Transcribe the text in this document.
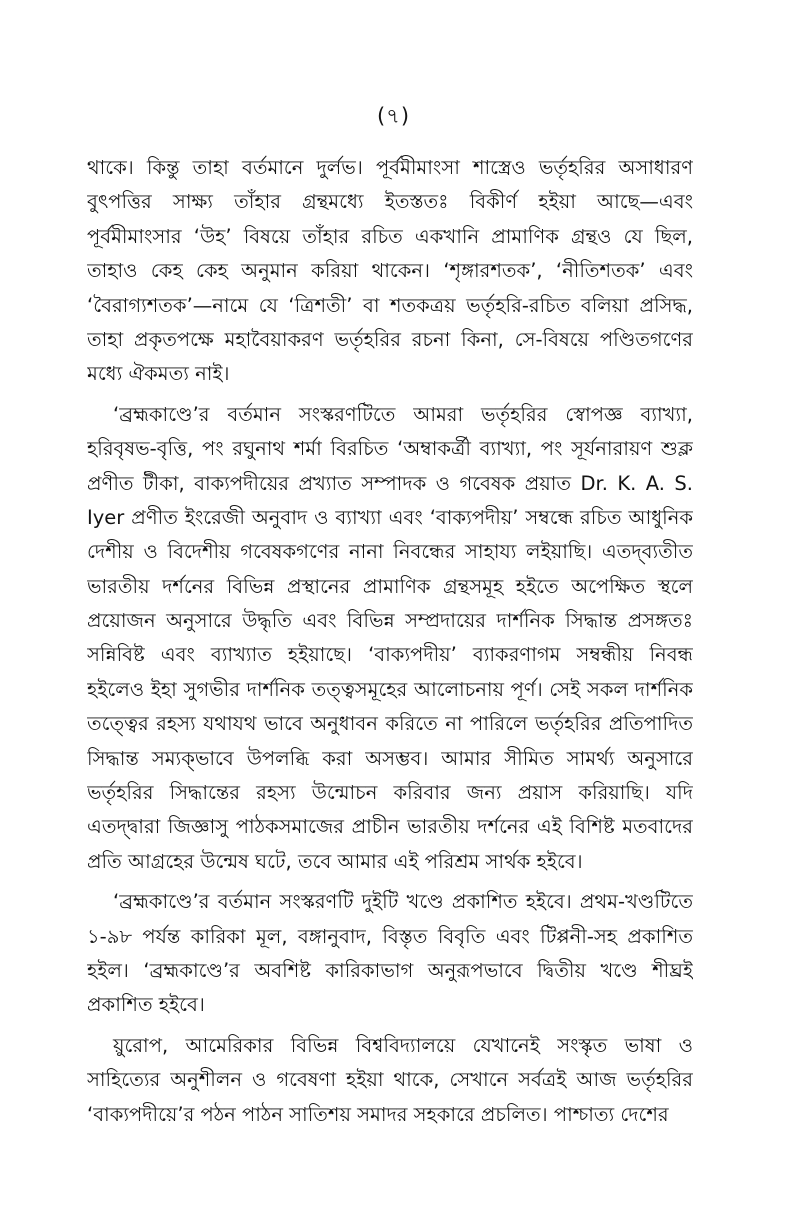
(৭)
থাকে। কিন্তু তাহা বর্তমানে দুর্লভ। পূর্বমীমাংসা শাস্ত্রেও ভর্তৃহরির অসাধারণ
বুৎপত্তির সাক্ষ্য তাঁহার গ্রন্থমধ্যে ইতস্ততঃ বিকীর্ণ হইয়া আছে—এবং
পূর্বমীমাংসার ‘উহ’ বিষয়ে তাঁহার রচিত একখানি প্রামাণিক গ্রন্থও যে ছিল,
তাহাও কেহ কেহ অনুমান করিয়া থাকেন। ‘শৃঙ্গারশতক’, ‘নীতিশতক’ এবং
‘বৈরাগ্যশতক’—নামে যে ‘ত্রিশতী’ বা শতকত্রয় ভর্তৃহরি-রচিত বলিয়া প্রসিদ্ধ,
তাহা প্রকৃতপক্ষে মহাবৈয়াকরণ ভর্তৃহরির রচনা কিনা, সে-বিষয়ে পণ্ডিতগণের
মধ্যে ঐকমত্য নাই।
‘ব্রহ্মকাণ্ডে’র বর্তমান সংস্করণটিতে আমরা ভর্তৃহরির স্বোপজ্ঞ ব্যাখ্যা,
হরিবৃষভ-বৃত্তি, পং রঘুনাথ শর্মা বিরচিত ‘অম্বাকর্ত্রী ব্যাখ্যা, পং সূর্যনারায়ণ শুক্ল
প্রণীত টীকা, বাক্যপদীয়ের প্রখ্যাত সম্পাদক ও গবেষক প্রয়াত Dr. K. A. S.
Iyer প্রণীত ইংরেজী অনুবাদ ও ব্যাখ্যা এবং ‘বাক্যপদীয়’ সম্বন্ধে রচিত আধুনিক
দেশীয় ও বিদেশীয় গবেষকগণের নানা নিবন্ধের সাহায্য লইয়াছি। এতদ্‌ব্যতীত
ভারতীয় দর্শনের বিভিন্ন প্রস্থানের প্রামাণিক গ্রন্থসমূহ হইতে অপেক্ষিত স্থলে
প্রয়োজন অনুসারে উদ্ধৃতি এবং বিভিন্ন সম্প্রদায়ের দার্শনিক সিদ্ধান্ত প্রসঙ্গতঃ
সন্নিবিষ্ট এবং ব্যাখ্যাত হইয়াছে। ‘বাক্যপদীয়’ ব্যাকরণাগম সম্বন্ধীয় নিবন্ধ
হইলেও ইহা সুগভীর দার্শনিক তত্ত্বসমূহের আলোচনায় পূর্ণ। সেই সকল দার্শনিক
তত্ত্বের রহস্য যথাযথ ভাবে অনুধাবন করিতে না পারিলে ভর্তৃহরির প্রতিপাদিত
সিদ্ধান্ত সম্যক্‌ভাবে উপলব্ধি করা অসম্ভব। আমার সীমিত সামর্থ্য অনুসারে
ভর্তৃহরির সিদ্ধান্তের রহস্য উন্মোচন করিবার জন্য প্রয়াস করিয়াছি। যদি
এতদ্দ্বারা জিজ্ঞাসু পাঠকসমাজের প্রাচীন ভারতীয় দর্শনের এই বিশিষ্ট মতবাদের
প্রতি আগ্রহের উন্মেষ ঘটে, তবে আমার এই পরিশ্রম সার্থক হইবে।
‘ব্রহ্মকাণ্ডে’র বর্তমান সংস্করণটি দুইটি খণ্ডে প্রকাশিত হইবে। প্রথম-খণ্ডটিতে
১-৯৮ পর্যন্ত কারিকা মূল, বঙ্গানুবাদ, বিস্তৃত বিবৃতি এবং টিপ্পনী-সহ প্রকাশিত
হইল। ‘ব্রহ্মকাণ্ডে’র অবশিষ্ট কারিকাভাগ অনুরূপভাবে দ্বিতীয় খণ্ডে শীঘ্রই
প্রকাশিত হইবে।
য়ুরোপ, আমেরিকার বিভিন্ন বিশ্ববিদ্যালয়ে যেখানেই সংস্কৃত ভাষা ও
সাহিত্যের অনুশীলন ও গবেষণা হইয়া থাকে, সেখানে সর্বত্রই আজ ভর্তৃহরির
‘বাক্যপদীয়ে’র পঠন পাঠন সাতিশয় সমাদর সহকারে প্রচলিত। পাশ্চাত্য দেশের
